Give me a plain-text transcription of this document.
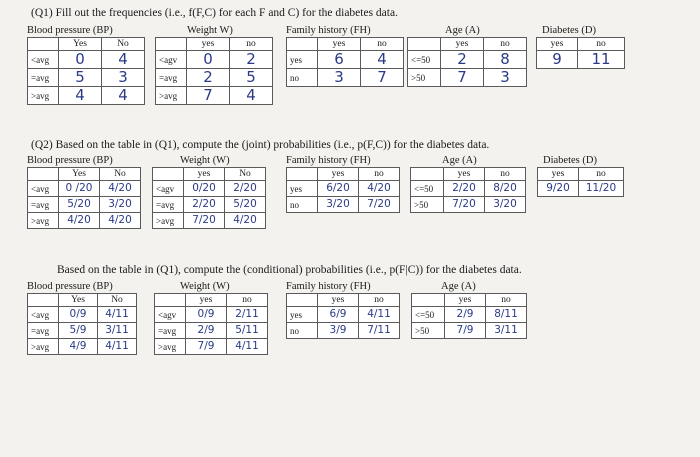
(Q1) Fill out the frequencies (i.e., f(F,C) for each F and C) for the diabetes data.
Blood pressure (BP)
	Yes	No
<avg	0	4
=avg	5	3
>avg	4	4
Weight W)
	yes	no
<agv	0	2
=avg	2	5
>avg	7	4
Family history (FH)
	yes	no
yes	6	4
no	3	7
Age (A)
	yes	no
<=50	2	8
>50	7	3
Diabetes (D)
yes	no
9	11
(Q2) Based on the table in (Q1), compute the (joint) probabilities (i.e., p(F,C)) for the diabetes data.
Blood pressure (BP)
	Yes	No
<avg	0 /20	4/20
=avg	5/20	3/20
>avg	4/20	4/20
Weight (W)
	yes	No
<agv	0/20	2/20
=avg	2/20	5/20
>avg	7/20	4/20
Family history (FH)
	yes	no
yes	6/20	4/20
no	3/20	7/20
Age (A)
	yes	no
<=50	2/20	8/20
>50	7/20	3/20
Diabetes (D)
yes	no
9/20	11/20
Based on the table in (Q1), compute the (conditional) probabilities (i.e., p(F|C)) for the diabetes data.
Blood pressure (BP)
	Yes	No
<avg	0/9	4/11
=avg	5/9	3/11
>avg	4/9	4/11
Weight (W)
	yes	no
<agv	0/9	2/11
=avg	2/9	5/11
>avg	7/9	4/11
Family history (FH)
	yes	no
yes	6/9	4/11
no	3/9	7/11
Age (A)
	yes	no
<=50	2/9	8/11
>50	7/9	3/11
